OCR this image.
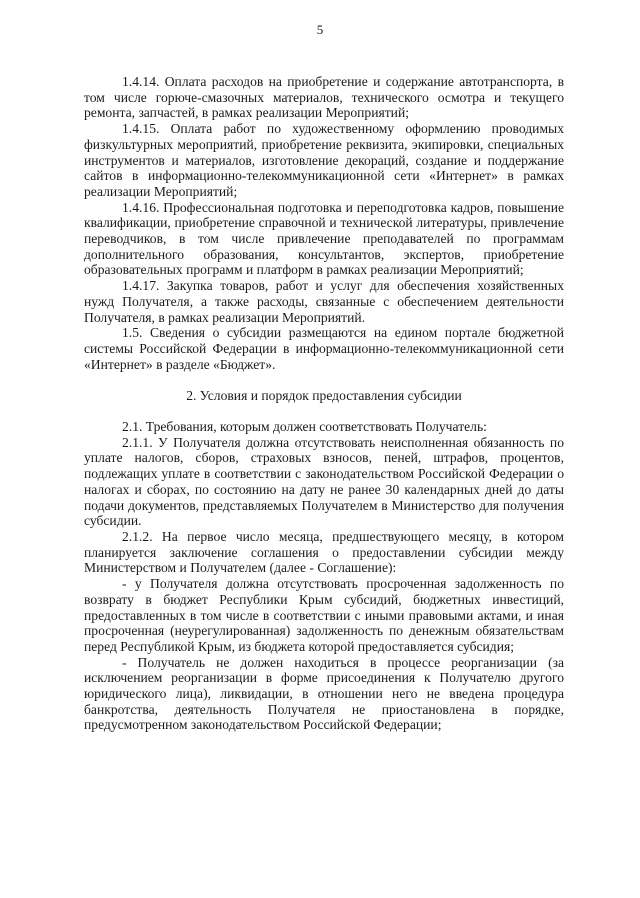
5

1.4.14. Оплата расходов на приобретение и содержание автотранспорта, в том числе горюче-смазочных материалов, технического осмотра и текущего ремонта, запчастей, в рамках реализации Мероприятий;

1.4.15. Оплата работ по художественному оформлению проводимых физкультурных мероприятий, приобретение реквизита, экипировки, специальных инструментов и материалов, изготовление декораций, создание и поддержание сайтов в информационно-телекоммуникационной сети «Интернет» в рамках реализации Мероприятий;

1.4.16. Профессиональная подготовка и переподготовка кадров, повышение квалификации, приобретение справочной и технической литературы, привлечение переводчиков, в том числе привлечение преподавателей по программам дополнительного образования, консультантов, экспертов, приобретение образовательных программ и платформ в рамках реализации Мероприятий;

1.4.17. Закупка товаров, работ и услуг для обеспечения хозяйственных нужд Получателя, а также расходы, связанные с обеспечением деятельности Получателя, в рамках реализации Мероприятий.

1.5. Сведения о субсидии размещаются на едином портале бюджетной системы Российской Федерации в информационно-телекоммуникационной сети «Интернет» в разделе «Бюджет».

2. Условия и порядок предоставления субсидии

2.1. Требования, которым должен соответствовать Получатель:

2.1.1. У Получателя должна отсутствовать неисполненная обязанность по уплате налогов, сборов, страховых взносов, пеней, штрафов, процентов, подлежащих уплате в соответствии с законодательством Российской Федерации о налогах и сборах, по состоянию на дату не ранее 30 календарных дней до даты подачи документов, представляемых Получателем в Министерство для получения субсидии.

2.1.2. На первое число месяца, предшествующего месяцу, в котором планируется заключение соглашения о предоставлении субсидии между Министерством и Получателем (далее - Соглашение):

- у Получателя должна отсутствовать просроченная задолженность по возврату в бюджет Республики Крым субсидий, бюджетных инвестиций, предоставленных в том числе в соответствии с иными правовыми актами, и иная просроченная (неурегулированная) задолженность по денежным обязательствам перед Республикой Крым, из бюджета которой предоставляется субсидия;

- Получатель не должен находиться в процессе реорганизации (за исключением реорганизации в форме присоединения к Получателю другого юридического лица), ликвидации, в отношении него не введена процедура банкротства, деятельность Получателя не приостановлена в порядке, предусмотренном законодательством Российской Федерации;
